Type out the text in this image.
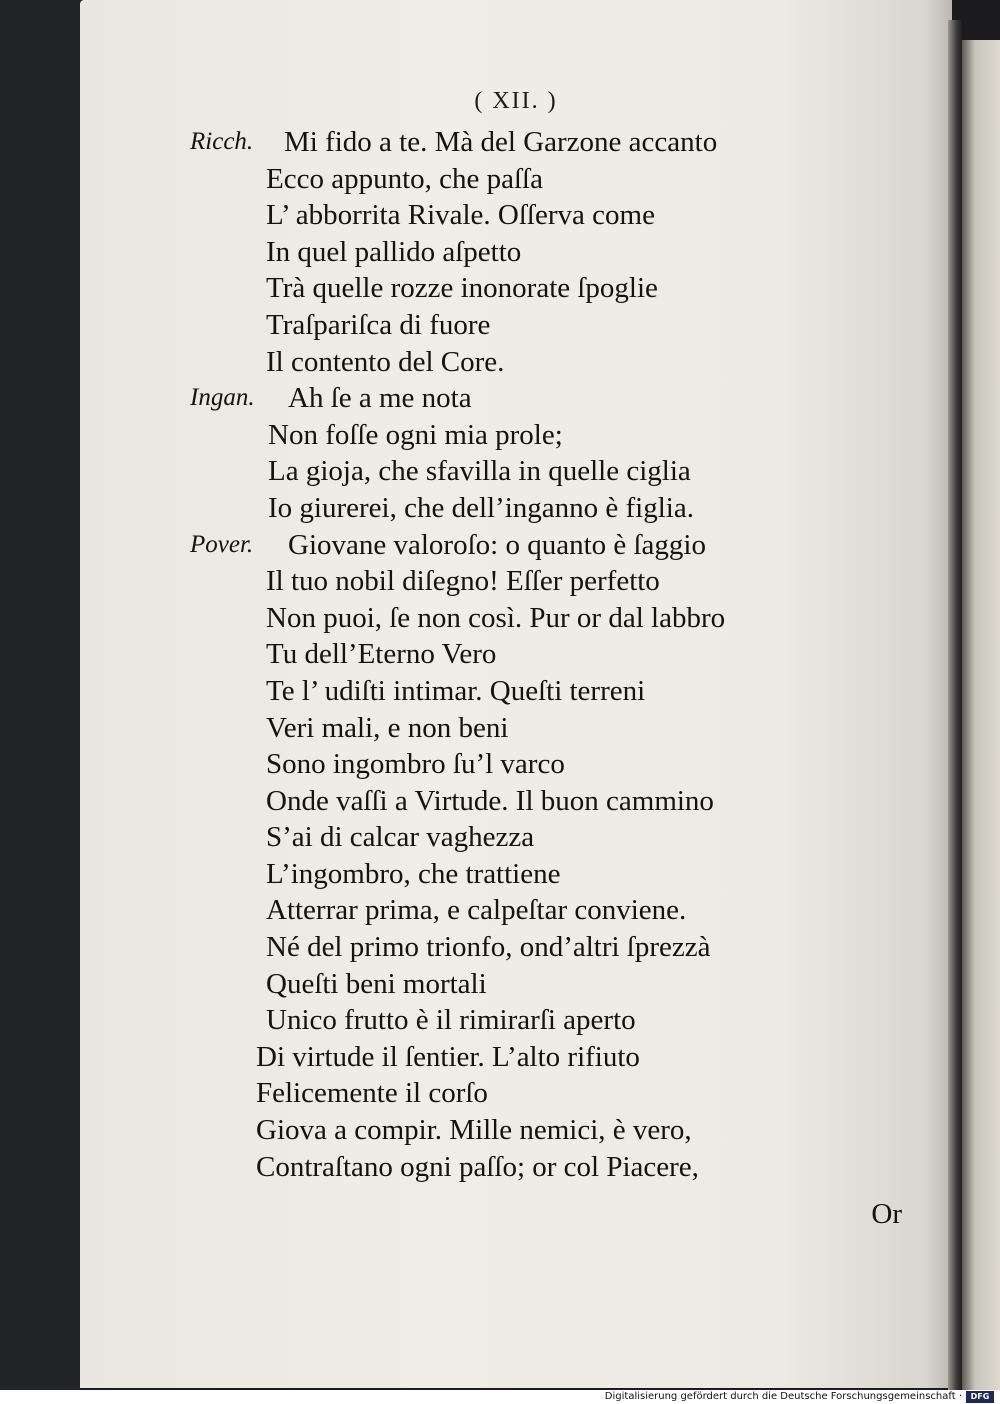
( XII. )
Ricch. Mi fido a te. Mà del Garzone accanto
Ecco appunto, che paſſa
L’ abborrita Rivale. Oſſerva come
In quel pallido aſpetto
Trà quelle rozze inonorate ſpoglie
Traſpariſca di fuore
Il contento del Core.
Ingan. Ah ſe a me nota
Non foſſe ogni mia prole;
La gioja, che sfavilla in quelle ciglia
Io giurerei, che dell’inganno è figlia.
Pover. Giovane valoroſo: o quanto è ſaggio
Il tuo nobil diſegno! Eſſer perfetto
Non puoi, ſe non così. Pur or dal labbro
Tu dell’Eterno Vero
Te l’ udiſti intimar. Queſti terreni
Veri mali, e non beni
Sono ingombro ſu’l varco
Onde vaſſi a Virtude. Il buon cammino
S’ai di calcar vaghezza
L’ingombro, che trattiene
Atterrar prima, e calpeſtar conviene.
Né del primo trionfo, ond’altri ſprezzà
Queſti beni mortali
Unico frutto è il rimirarſi aperto
Di virtude il ſentier. L’alto rifiuto
Felicemente il corſo
Giova a compir. Mille nemici, è vero,
Contraſtano ogni paſſo; or col Piacere,
Or
Digitalisierung gefördert durch die Deutsche Forschungsgemeinschaft ·	DFG
